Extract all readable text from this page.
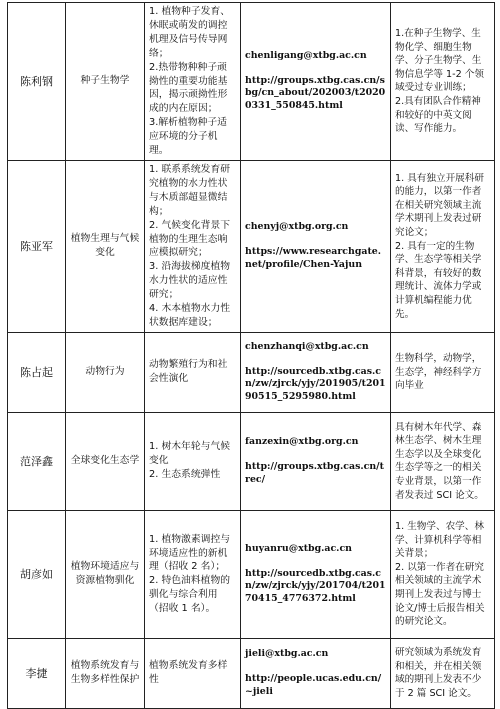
陈利钢	种子生物学	1. 植物种子发育、休眠或萌发的调控机理及信号传导网络；
2.热带物种种子顽拗性的重要功能基因，揭示顽拗性形成的内在原因；
3.解析植物种子适应环境的分子机理。	chenligang@xtbg.ac.cn
http://groups.xtbg.cas.cn/sbg/cn_about/202003/t20200331_550845.html	1.在种子生物学、生物化学、细胞生物学、分子生物学、生物信息学等 1-2 个领域受过专业训练；
2.具有团队合作精神和较好的中英文阅读、写作能力。

陈亚军	植物生理与气候变化	1. 联系系统发育研究植物的水力性状与木质部超显微结构；
2. 气候变化背景下植物的生理生态响应模拟研究；
3. 沿海拔梯度植物水力性状的适应性研究；
4. 木本植物水力性状数据库建设；	chenyj@xtbg.org.cn
https://www.researchgate.net/profile/Chen-Yajun	1. 具有独立开展科研的能力，以第一作者在相关研究领域主流学术期刊上发表过研究论文；
2. 具有一定的生物学、生态学等相关学科背景，有较好的数理统计、流体力学或计算机编程能力优先。

陈占起	动物行为	动物繁殖行为和社会性演化	chenzhanqi@xtbg.ac.cn
http://sourcedb.xtbg.cas.cn/zw/zjrck/yjy/201905/t20190515_5295980.html	生物科学，动物学，生态学，神经科学方向毕业

范泽鑫	全球变化生态学	1. 树木年轮与气候变化
2. 生态系统弹性	fanzexin@xtbg.org.cn
http://groups.xtbg.cas.cn/trec/	具有树木年代学、森林生态学、树木生理生态学以及全球变化生态学等之一的相关专业背景，以第一作者发表过 SCI 论文。

胡彦如	植物环境适应与资源植物驯化	1. 植物激素调控与环境适应性的新机理（招收 2 名）；
2. 特色油料植物的驯化与综合利用（招收 1 名）。	huyanru@xtbg.ac.cn
http://sourcedb.xtbg.cas.cn/zw/zjrck/yjy/201704/t20170415_4776372.html	1. 生物学、农学、林学、计算机科学等相关背景；
2. 以第一作者在研究相关领域的主流学术期刊上发表过与博士论文/博士后报告相关的研究论文。

李捷	植物系统发育与生物多样性保护	植物系统发育多样性	jieli@xtbg.ac.cn
http://people.ucas.edu.cn/~jieli	研究领域为系统发育和相关，并在相关领域的期刊上发表不少于 2 篇 SCI 论文。
